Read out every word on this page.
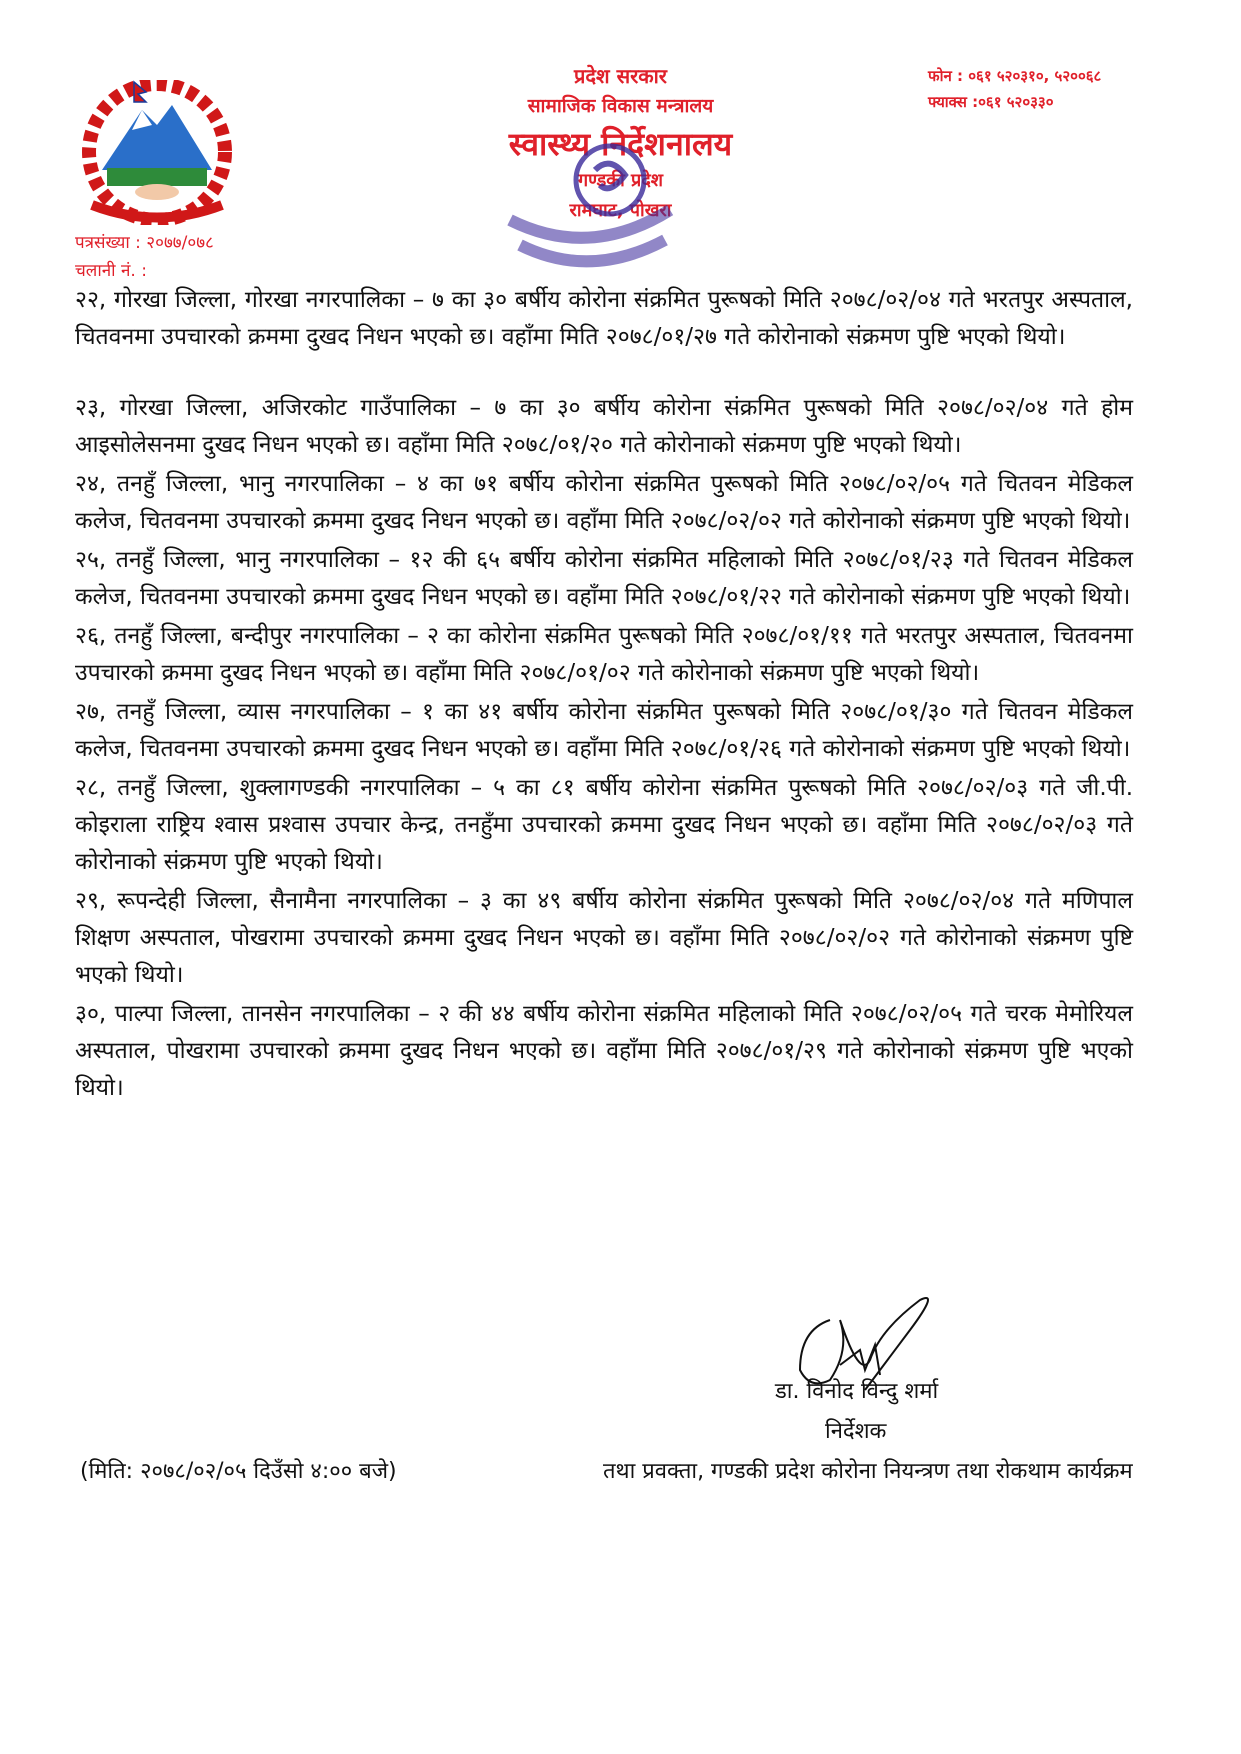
प्रदेश सरकार
सामाजिक विकास मन्त्रालय
स्वास्थ्य निर्देशनालय
गण्डकी प्रदेश
रामघाट, पोखरा
फोन : ०६१ ५२०३१०, ५२००६८
फ्याक्स :०६१ ५२०३३०
पत्रसंख्या : २०७७/०७८
चलानी नं. :

२२, गोरखा जिल्ला, गोरखा नगरपालिका – ७ का ३० बर्षीय कोरोना संक्रमित पुरूषको मिति २०७८/०२/०४ गते भरतपुर अस्पताल, चितवनमा उपचारको क्रममा दुखद निधन भएको छ। वहाँमा मिति २०७८/०१/२७ गते कोरोनाको संक्रमण पुष्टि भएको थियो।

२३, गोरखा जिल्ला, अजिरकोट गाउँपालिका – ७ का ३० बर्षीय कोरोना संक्रमित पुरूषको मिति २०७८/०२/०४ गते होम आइसोलेसनमा दुखद निधन भएको छ। वहाँमा मिति २०७८/०१/२० गते कोरोनाको संक्रमण पुष्टि भएको थियो।

२४, तनहुँ जिल्ला, भानु नगरपालिका – ४ का ७१ बर्षीय कोरोना संक्रमित पुरूषको मिति २०७८/०२/०५ गते चितवन मेडिकल कलेज, चितवनमा उपचारको क्रममा दुखद निधन भएको छ। वहाँमा मिति २०७८/०२/०२ गते कोरोनाको संक्रमण पुष्टि भएको थियो।

२५, तनहुँ जिल्ला, भानु नगरपालिका – १२ की ६५ बर्षीय कोरोना संक्रमित महिलाको मिति २०७८/०१/२३ गते चितवन मेडिकल कलेज, चितवनमा उपचारको क्रममा दुखद निधन भएको छ। वहाँमा मिति २०७८/०१/२२ गते कोरोनाको संक्रमण पुष्टि भएको थियो।

२६, तनहुँ जिल्ला, बन्दीपुर नगरपालिका – २ का कोरोना संक्रमित पुरूषको मिति २०७८/०१/११ गते भरतपुर अस्पताल, चितवनमा उपचारको क्रममा दुखद निधन भएको छ। वहाँमा मिति २०७८/०१/०२ गते कोरोनाको संक्रमण पुष्टि भएको थियो।

२७, तनहुँ जिल्ला, व्यास नगरपालिका – १ का ४१ बर्षीय कोरोना संक्रमित पुरूषको मिति २०७८/०१/३० गते चितवन मेडिकल कलेज, चितवनमा उपचारको क्रममा दुखद निधन भएको छ। वहाँमा मिति २०७८/०१/२६ गते कोरोनाको संक्रमण पुष्टि भएको थियो।

२८, तनहुँ जिल्ला, शुक्लागण्डकी नगरपालिका – ५ का ८१ बर्षीय कोरोना संक्रमित पुरूषको मिति २०७८/०२/०३ गते जी.पी. कोइराला राष्ट्रिय श्वास प्रश्वास उपचार केन्द्र, तनहुँमा उपचारको क्रममा दुखद निधन भएको छ। वहाँमा मिति २०७८/०२/०३ गते कोरोनाको संक्रमण पुष्टि भएको थियो।

२९, रूपन्देही जिल्ला, सैनामैना नगरपालिका – ३ का ४९ बर्षीय कोरोना संक्रमित पुरूषको मिति २०७८/०२/०४ गते मणिपाल शिक्षण अस्पताल, पोखरामा उपचारको क्रममा दुखद निधन भएको छ। वहाँमा मिति २०७८/०२/०२ गते कोरोनाको संक्रमण पुष्टि भएको थियो।

३०, पाल्पा जिल्ला, तानसेन नगरपालिका – २ की ४४ बर्षीय कोरोना संक्रमित महिलाको मिति २०७८/०२/०५ गते चरक मेमोरियल अस्पताल, पोखरामा उपचारको क्रममा दुखद निधन भएको छ। वहाँमा मिति २०७८/०१/२९ गते कोरोनाको संक्रमण पुष्टि भएको थियो।

डा. विनोद विन्दु शर्मा
निर्देशक
(मिति: २०७८/०२/०५ दिउँसो ४:०० बजे)	तथा प्रवक्ता, गण्डकी प्रदेश कोरोना नियन्त्रण तथा रोकथाम कार्यक्रम
